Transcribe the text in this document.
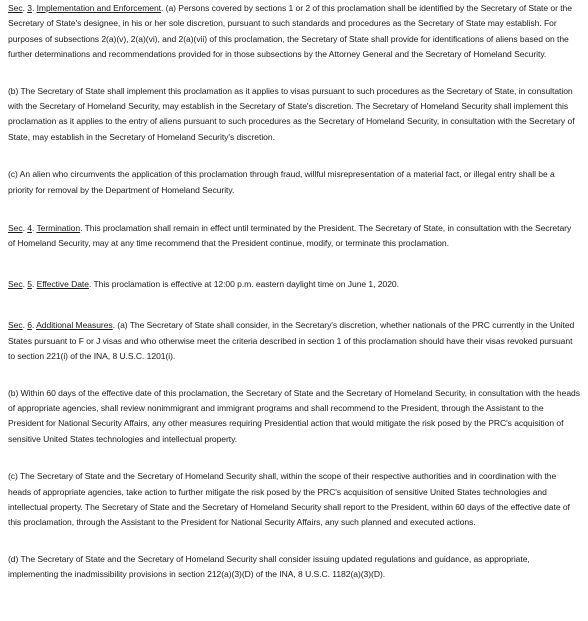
Sec. 3. Implementation and Enforcement. (a) Persons covered by sections 1 or 2 of this proclamation shall be identified by the Secretary of State or the Secretary of State's designee, in his or her sole discretion, pursuant to such standards and procedures as the Secretary of State may establish. For purposes of subsections 2(a)(v), 2(a)(vi), and 2(a)(vii) of this proclamation, the Secretary of State shall provide for identifications of aliens based on the further determinations and recommendations provided for in those subsections by the Attorney General and the Secretary of Homeland Security.

(b) The Secretary of State shall implement this proclamation as it applies to visas pursuant to such procedures as the Secretary of State, in consultation with the Secretary of Homeland Security, may establish in the Secretary of State's discretion. The Secretary of Homeland Security shall implement this proclamation as it applies to the entry of aliens pursuant to such procedures as the Secretary of Homeland Security, in consultation with the Secretary of State, may establish in the Secretary of Homeland Security's discretion.

(c) An alien who circumvents the application of this proclamation through fraud, willful misrepresentation of a material fact, or illegal entry shall be a priority for removal by the Department of Homeland Security.

Sec. 4. Termination. This proclamation shall remain in effect until terminated by the President. The Secretary of State, in consultation with the Secretary of Homeland Security, may at any time recommend that the President continue, modify, or terminate this proclamation.

Sec. 5. Effective Date. This proclamation is effective at 12:00 p.m. eastern daylight time on June 1, 2020.

Sec. 6. Additional Measures. (a) The Secretary of State shall consider, in the Secretary's discretion, whether nationals of the PRC currently in the United States pursuant to F or J visas and who otherwise meet the criteria described in section 1 of this proclamation should have their visas revoked pursuant to section 221(i) of the INA, 8 U.S.C. 1201(i).

(b) Within 60 days of the effective date of this proclamation, the Secretary of State and the Secretary of Homeland Security, in consultation with the heads of appropriate agencies, shall review nonimmigrant and immigrant programs and shall recommend to the President, through the Assistant to the President for National Security Affairs, any other measures requiring Presidential action that would mitigate the risk posed by the PRC's acquisition of sensitive United States technologies and intellectual property.

(c) The Secretary of State and the Secretary of Homeland Security shall, within the scope of their respective authorities and in coordination with the heads of appropriate agencies, take action to further mitigate the risk posed by the PRC's acquisition of sensitive United States technologies and intellectual property. The Secretary of State and the Secretary of Homeland Security shall report to the President, within 60 days of the effective date of this proclamation, through the Assistant to the President for National Security Affairs, any such planned and executed actions.

(d) The Secretary of State and the Secretary of Homeland Security shall consider issuing updated regulations and guidance, as appropriate, implementing the inadmissibility provisions in section 212(a)(3)(D) of the INA, 8 U.S.C. 1182(a)(3)(D).
